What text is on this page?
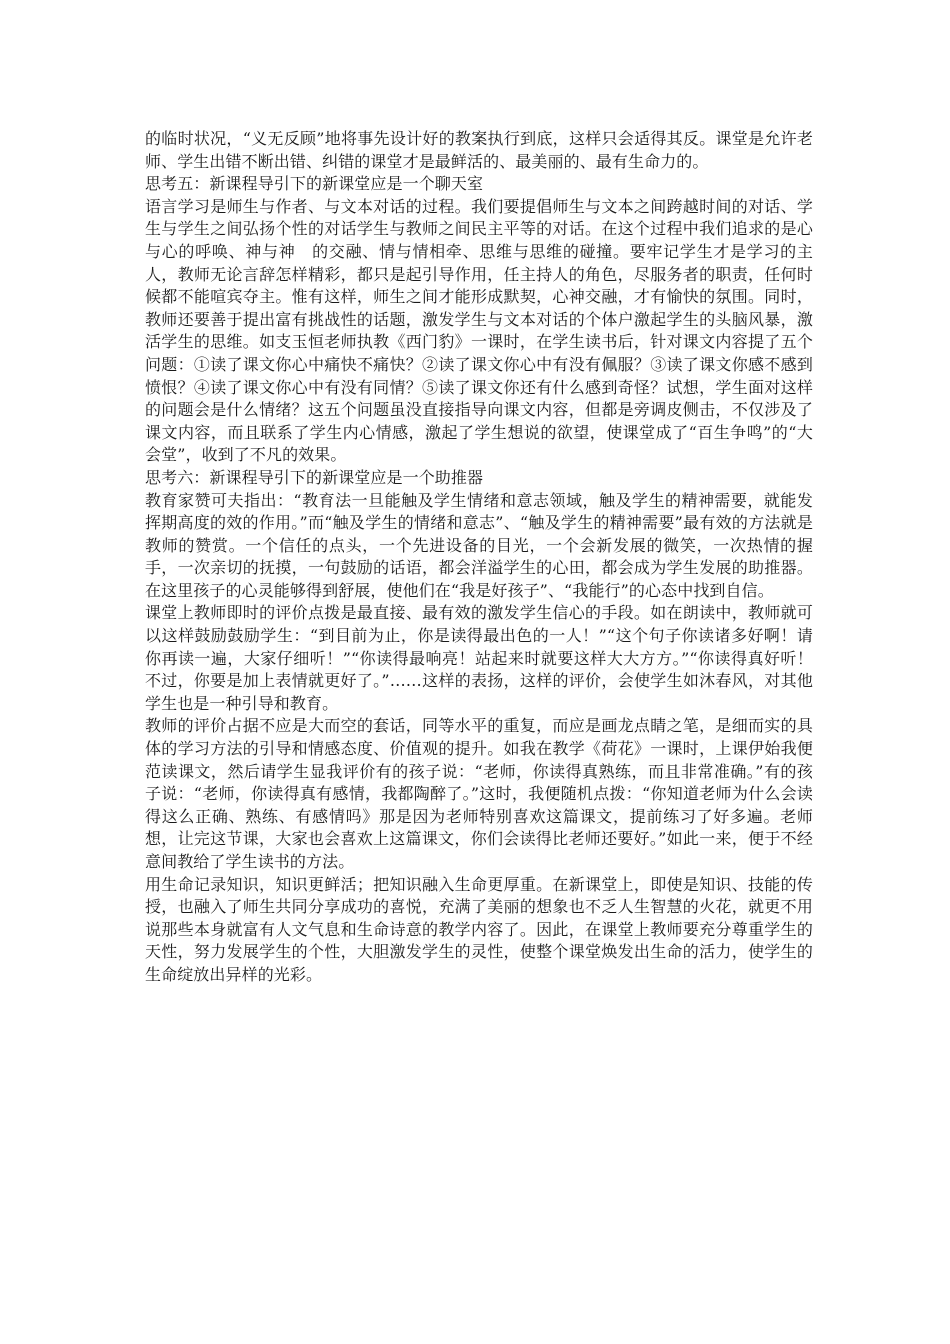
的临时状况，“义无反顾”地将事先设计好的教案执行到底，这样只会适得其反。课堂是允许老师、学生出错不断出错、纠错的课堂才是最鲜活的、最美丽的、最有生命力的。

思考五：新课程导引下的新课堂应是一个聊天室

语言学习是师生与作者、与文本对话的过程。我们要提倡师生与文本之间跨越时间的对话、学生与学生之间弘扬个性的对话学生与教师之间民主平等的对话。在这个过程中我们追求的是心与心的呼唤、神与神　的交融、情与情相牵、思维与思维的碰撞。要牢记学生才是学习的主人，教师无论言辞怎样精彩，都只是起引导作用，任主持人的角色，尽服务者的职责，任何时候都不能喧宾夺主。惟有这样，师生之间才能形成默契，心神交融，才有愉快的氛围。同时，教师还要善于提出富有挑战性的话题，激发学生与文本对话的个体户激起学生的头脑风暴，激活学生的思维。如支玉恒老师执教《西门豹》一课时，在学生读书后，针对课文内容提了五个问题：①读了课文你心中痛快不痛快？②读了课文你心中有没有佩服？③读了课文你感不感到愤恨？④读了课文你心中有没有同情？⑤读了课文你还有什么感到奇怪？试想，学生面对这样的问题会是什么情绪？这五个问题虽没直接指导向课文内容，但都是旁调皮侧击，不仅涉及了课文内容，而且联系了学生内心情感，激起了学生想说的欲望，使课堂成了“百生争鸣”的“大会堂”，收到了不凡的效果。

思考六：新课程导引下的新课堂应是一个助推器

教育家赞可夫指出：“教育法一旦能触及学生情绪和意志领域，触及学生的精神需要，就能发挥期高度的效的作用。”而“触及学生的情绪和意志”、“触及学生的精神需要”最有效的方法就是教师的赞赏。一个信任的点头，一个先进设备的目光，一个会新发展的微笑，一次热情的握手，一次亲切的抚摸，一句鼓励的话语，都会洋溢学生的心田，都会成为学生发展的助推器。在这里孩子的心灵能够得到舒展，使他们在“我是好孩子”、“我能行”的心态中找到自信。

课堂上教师即时的评价点拨是最直接、最有效的激发学生信心的手段。如在朗读中，教师就可以这样鼓励鼓励学生：“到目前为止，你是读得最出色的一人！”“这个句子你读诸多好啊！请你再读一遍，大家仔细听！”“你读得最响亮！站起来时就要这样大大方方。”“你读得真好听！不过，你要是加上表情就更好了。”……这样的表扬，这样的评价，会使学生如沐春风，对其他学生也是一种引导和教育。

教师的评价占据不应是大而空的套话，同等水平的重复，而应是画龙点睛之笔，是细而实的具体的学习方法的引导和情感态度、价值观的提升。如我在教学《荷花》一课时，上课伊始我便范读课文，然后请学生显我评价有的孩子说：“老师，你读得真熟练，而且非常准确。”有的孩子说：“老师，你读得真有感情，我都陶醉了。”这时，我便随机点拨：“你知道老师为什么会读得这么正确、熟练、有感情吗》那是因为老师特别喜欢这篇课文，提前练习了好多遍。老师想，让完这节课，大家也会喜欢上这篇课文，你们会读得比老师还要好。”如此一来，便于不经意间教给了学生读书的方法。

用生命记录知识，知识更鲜活；把知识融入生命更厚重。在新课堂上，即使是知识、技能的传授，也融入了师生共同分享成功的喜悦，充满了美丽的想象也不乏人生智慧的火花，就更不用说那些本身就富有人文气息和生命诗意的教学内容了。因此，在课堂上教师要充分尊重学生的天性，努力发展学生的个性，大胆激发学生的灵性，使整个课堂焕发出生命的活力，使学生的生命绽放出异样的光彩。
